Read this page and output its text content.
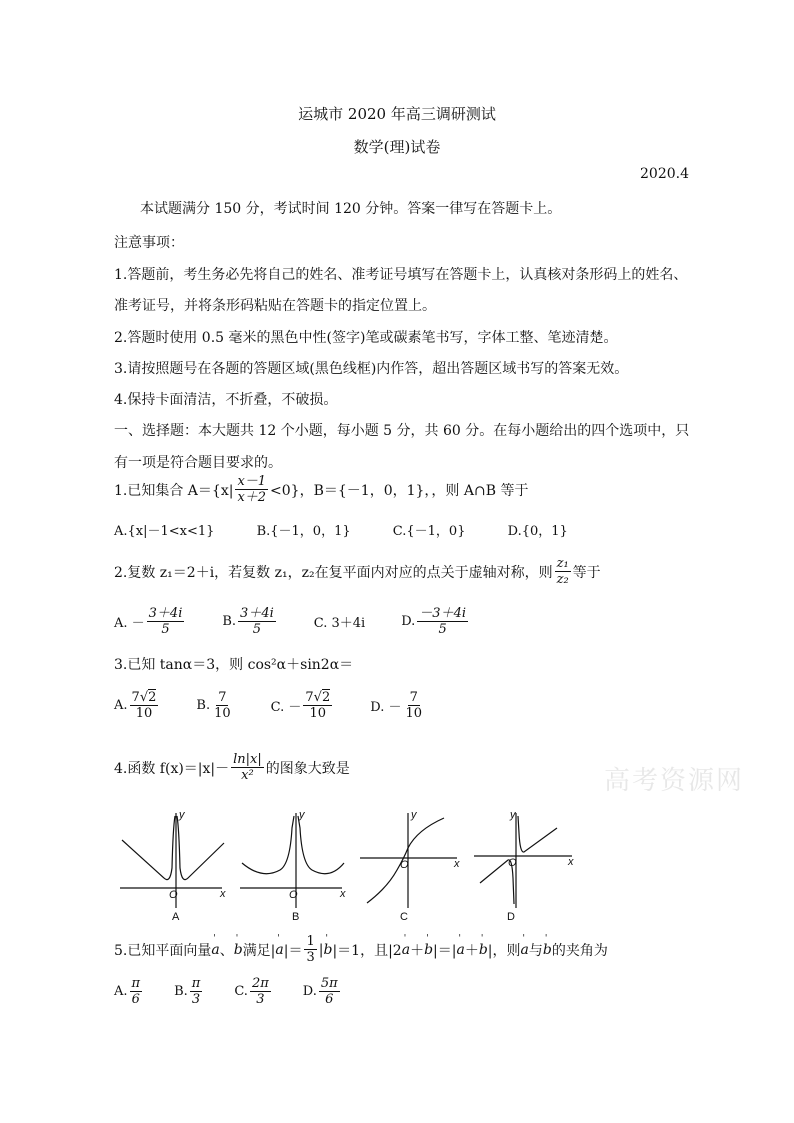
运城市 2020 年高三调研测试
数学(理)试卷
2020.4
本试题满分 150 分，考试时间 120 分钟。答案一律写在答题卡上。
注意事项：
1.答题前，考生务必先将自己的姓名、准考证号填写在答题卡上，认真核对条形码上的姓名、
准考证号，并将条形码粘贴在答题卡的指定位置上。
2.答题时使用 0.5 毫米的黑色中性(签字)笔或碳素笔书写，字体工整、笔迹清楚。
3.请按照题号在各题的答题区域(黑色线框)内作答，超出答题区域书写的答案无效。
4.保持卡面清洁，不折叠，不破损。
一、选择题：本大题共 12 个小题，每小题 5 分，共 60 分。在每小题给出的四个选项中，只
有一项是符合题目要求的。
1.已知集合 $A=\{x| \frac{x-1}{x+2} <0\}$，B＝{－1，0，1}，，则 A∩B 等于
A.{x|－1<x<1}	B.{－1，0，1}	C.{－1，0}	D.{0，1}
2.复数 z₁＝2＋i，若复数 z₁，z₂在复平面内对应的点关于虚轴对称，则 $\frac{\text{z₁}}{\text{z₂}}$ 等于
A. － $\frac{3+4i}{5}$	B. $\frac{3+4i}{5}$	C. 3＋4i	D. $\frac{-3+4i}{5}$
3.已知 tanα＝3，则 cos²α＋sin2α＝
A. $\frac{7√2}{10}$	B. $\frac{7}{10}$	C. － $\frac{7√2}{10}$	D. － $\frac{7}{10}$
4.函数 $f(x)=|x|- \frac{\ln|x|}{\text{x²}}$ 的图象大致是	高考资源网
y
x
O
y
x
O
y
x
O
y
x
O
A	B	C	D
5.已知平面向量 ' a 、 ' b 满足| ' a |＝ $\frac{1}{3}$ | ' b |＝1，且|2 ' a ＋ ' b |＝| ' a ＋ ' b |，则 ' a 与 ' b 的夹角为
A. $\frac{\pi}{6} B$. $\frac{\pi}{3} C$. $\frac{2\pi}{3} D$. $\frac{5\pi}{6}$
